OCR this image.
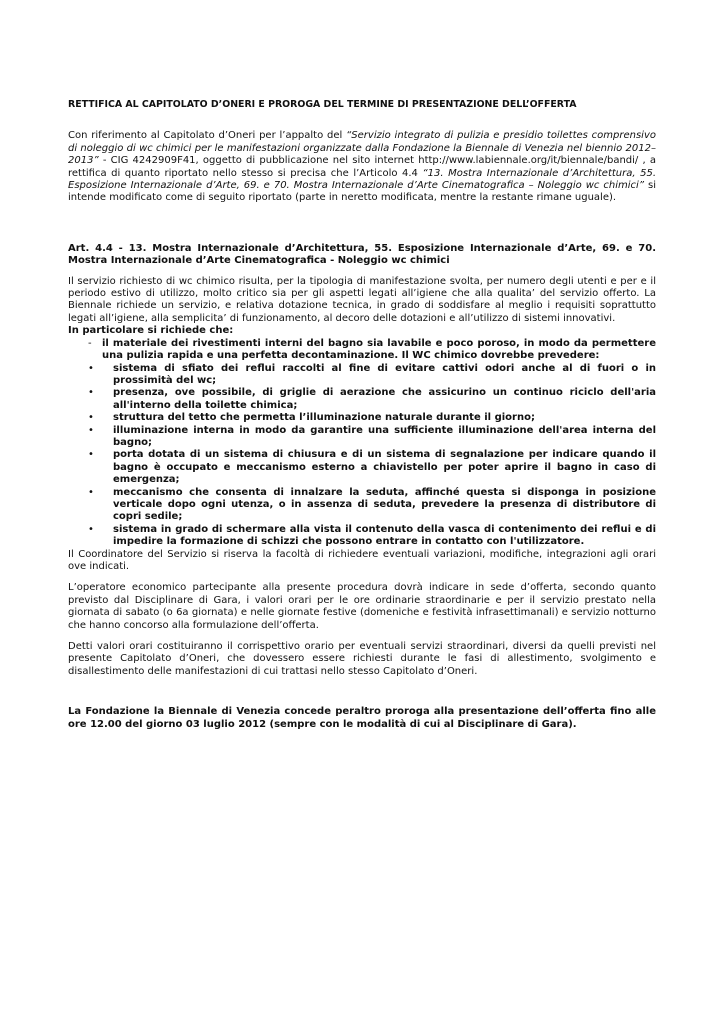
RETTIFICA AL CAPITOLATO D’ONERI E PROROGA DEL TERMINE DI PRESENTAZIONE DELL’OFFERTA

Con riferimento al Capitolato d’Oneri per l’appalto del “Servizio integrato di pulizia e presidio toilettes comprensivo di noleggio di wc chimici per le manifestazioni organizzate dalla Fondazione la Biennale di Venezia nel biennio 2012–2013” - CIG 4242909F41, oggetto di pubblicazione nel sito internet http://www.labiennale.org/it/biennale/bandi/ , a rettifica di quanto riportato nello stesso si precisa che l’Articolo 4.4 “13. Mostra Internazionale d’Architettura, 55. Esposizione Internazionale d’Arte, 69. e 70. Mostra Internazionale d’Arte Cinematografica – Noleggio wc chimici” si intende modificato come di seguito riportato (parte in neretto modificata, mentre la restante rimane uguale).

Art. 4.4 - 13. Mostra Internazionale d’Architettura, 55. Esposizione Internazionale d’Arte, 69. e 70. Mostra Internazionale d’Arte Cinematografica - Noleggio wc chimici

Il servizio richiesto di wc chimico risulta, per la tipologia di manifestazione svolta, per numero degli utenti e per e il periodo estivo di utilizzo, molto critico sia per gli aspetti legati all’igiene che alla qualita’ del servizio offerto. La Biennale richiede un servizio, e relativa dotazione tecnica, in grado di soddisfare al meglio i requisiti soprattutto legati all’igiene, alla semplicita’ di funzionamento, al decoro delle dotazioni e all’utilizzo di sistemi innovativi.

In particolare si richiede che:

- il materiale dei rivestimenti interni del bagno sia lavabile e poco poroso, in modo da permettere una pulizia rapida e una perfetta decontaminazione. Il WC chimico dovrebbe prevedere:
• sistema di sfiato dei reflui raccolti al fine di evitare cattivi odori anche al di fuori o in prossimità del wc;
• presenza, ove possibile, di griglie di aerazione che assicurino un continuo riciclo dell'aria all'interno della toilette chimica;
• struttura del tetto che permetta l’illuminazione naturale durante il giorno;
• illuminazione interna in modo da garantire una sufficiente illuminazione dell'area interna del bagno;
• porta dotata di un sistema di chiusura e di un sistema di segnalazione per indicare quando il bagno è occupato e meccanismo esterno a chiavistello per poter aprire il bagno in caso di emergenza;
• meccanismo che consenta di innalzare la seduta, affinché questa si disponga in posizione verticale dopo ogni utenza, o in assenza di seduta, prevedere la presenza di distributore di copri sedile;
• sistema in grado di schermare alla vista il contenuto della vasca di contenimento dei reflui e di impedire la formazione di schizzi che possono entrare in contatto con l'utilizzatore.

Il Coordinatore del Servizio si riserva la facoltà di richiedere eventuali variazioni, modifiche, integrazioni agli orari ove indicati.

L’operatore economico partecipante alla presente procedura dovrà indicare in sede d’offerta, secondo quanto previsto dal Disciplinare di Gara, i valori orari per le ore ordinarie straordinarie e per il servizio prestato nella giornata di sabato (o 6a giornata) e nelle giornate festive (domeniche e festività infrasettimanali) e servizio notturno che hanno concorso alla formulazione dell’offerta.

Detti valori orari costituiranno il corrispettivo orario per eventuali servizi straordinari, diversi da quelli previsti nel presente Capitolato d’Oneri, che dovessero essere richiesti durante le fasi di allestimento, svolgimento e disallestimento delle manifestazioni di cui trattasi nello stesso Capitolato d’Oneri.

La Fondazione la Biennale di Venezia concede peraltro proroga alla presentazione dell’offerta fino alle ore 12.00 del giorno 03 luglio 2012 (sempre con le modalità di cui al Disciplinare di Gara).
